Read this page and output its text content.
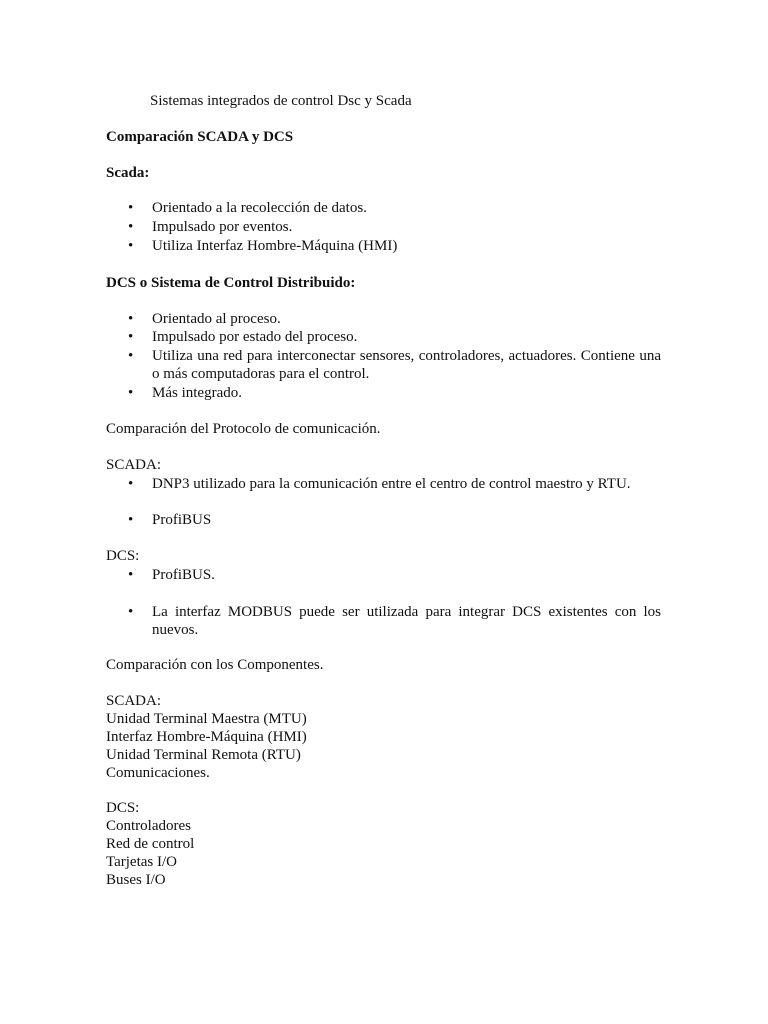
Sistemas integrados de control Dsc y Scada
Comparación SCADA y DCS
Scada:
• Orientado a la recolección de datos.
• Impulsado por eventos.
• Utiliza Interfaz Hombre-Máquina (HMI)
DCS o Sistema de Control Distribuido:
• Orientado al proceso.
• Impulsado por estado del proceso.
• Utiliza una red para interconectar sensores, controladores, actuadores. Contiene una o más computadoras para el control.
• Más integrado.
Comparación del Protocolo de comunicación.
SCADA:
• DNP3 utilizado para la comunicación entre el centro de control maestro y RTU.
• ProfiBUS
DCS:
• ProfiBUS.
• La interfaz MODBUS puede ser utilizada para integrar DCS existentes con los nuevos.
Comparación con los Componentes.
SCADA:
Unidad Terminal Maestra (MTU)
Interfaz Hombre-Máquina (HMI)
Unidad Terminal Remota (RTU)
Comunicaciones.
DCS:
Controladores
Red de control
Tarjetas I/O
Buses I/O
